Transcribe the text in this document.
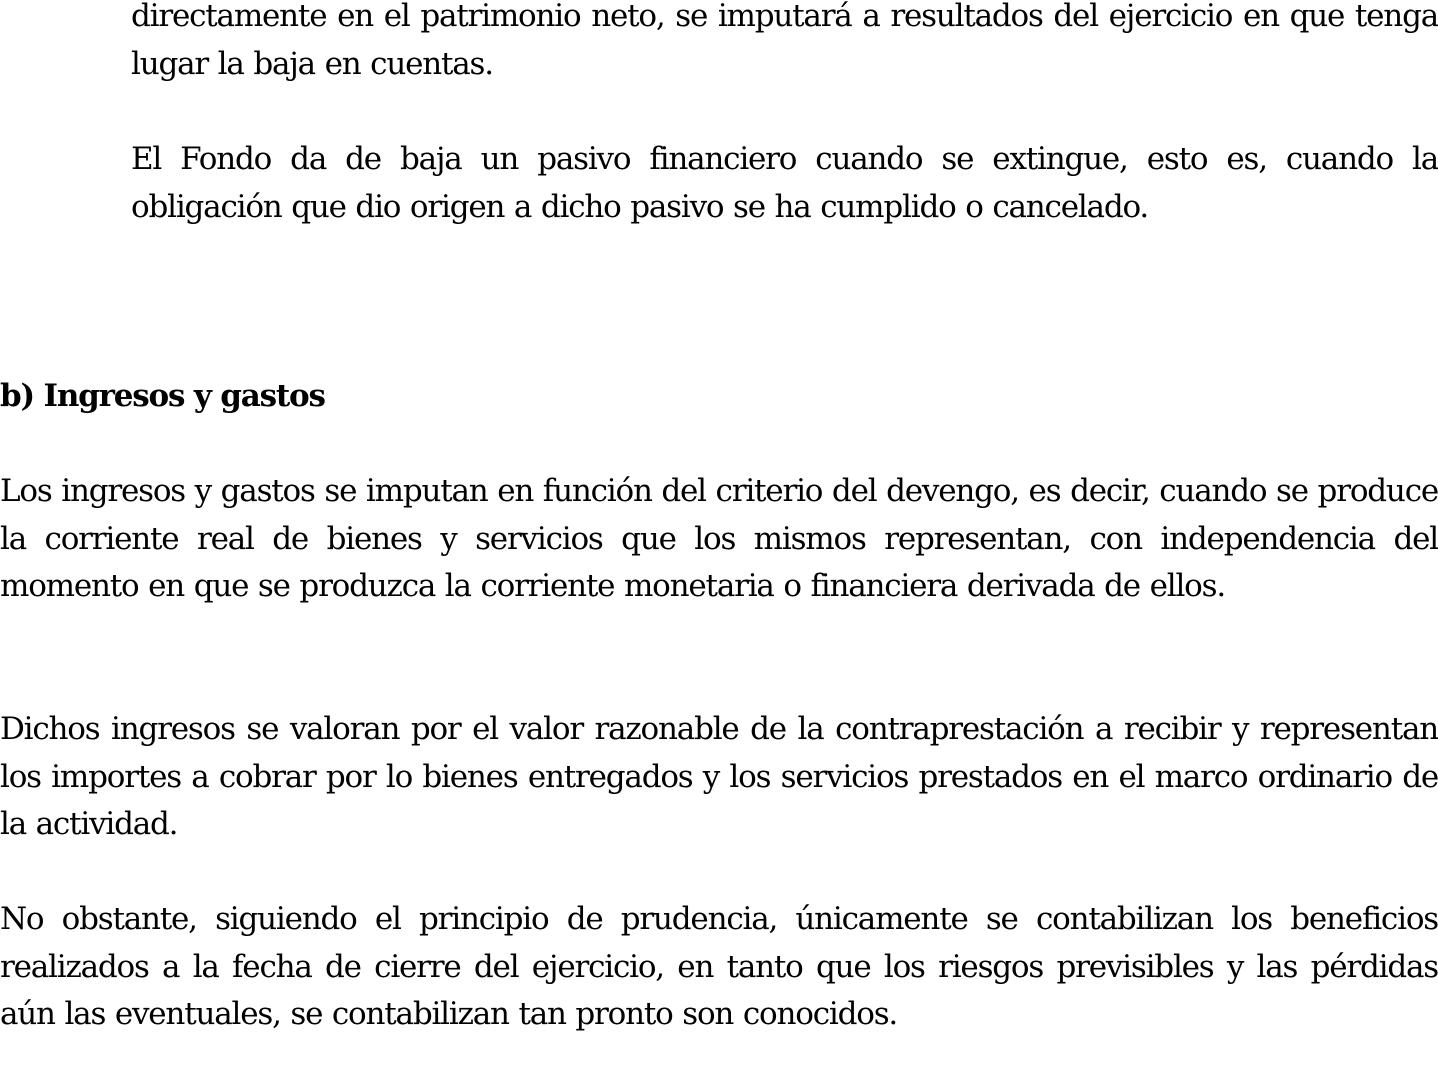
directamente en el patrimonio neto, se imputará a resultados del ejercicio en que tenga lugar la baja en cuentas.

El Fondo da de baja un pasivo financiero cuando se extingue, esto es, cuando la obligación que dio origen a dicho pasivo se ha cumplido o cancelado.

b) Ingresos y gastos

Los ingresos y gastos se imputan en función del criterio del devengo, es decir, cuando se produce la corriente real de bienes y servicios que los mismos representan, con independencia del momento en que se produzca la corriente monetaria o financiera derivada de ellos.

Dichos ingresos se valoran por el valor razonable de la contraprestación a recibir y representan los importes a cobrar por lo bienes entregados y los servicios prestados en el marco ordinario de la actividad.

No obstante, siguiendo el principio de prudencia, únicamente se contabilizan los beneficios realizados a la fecha de cierre del ejercicio, en tanto que los riesgos previsibles y las pérdidas aún las eventuales, se contabilizan tan pronto son conocidos.
